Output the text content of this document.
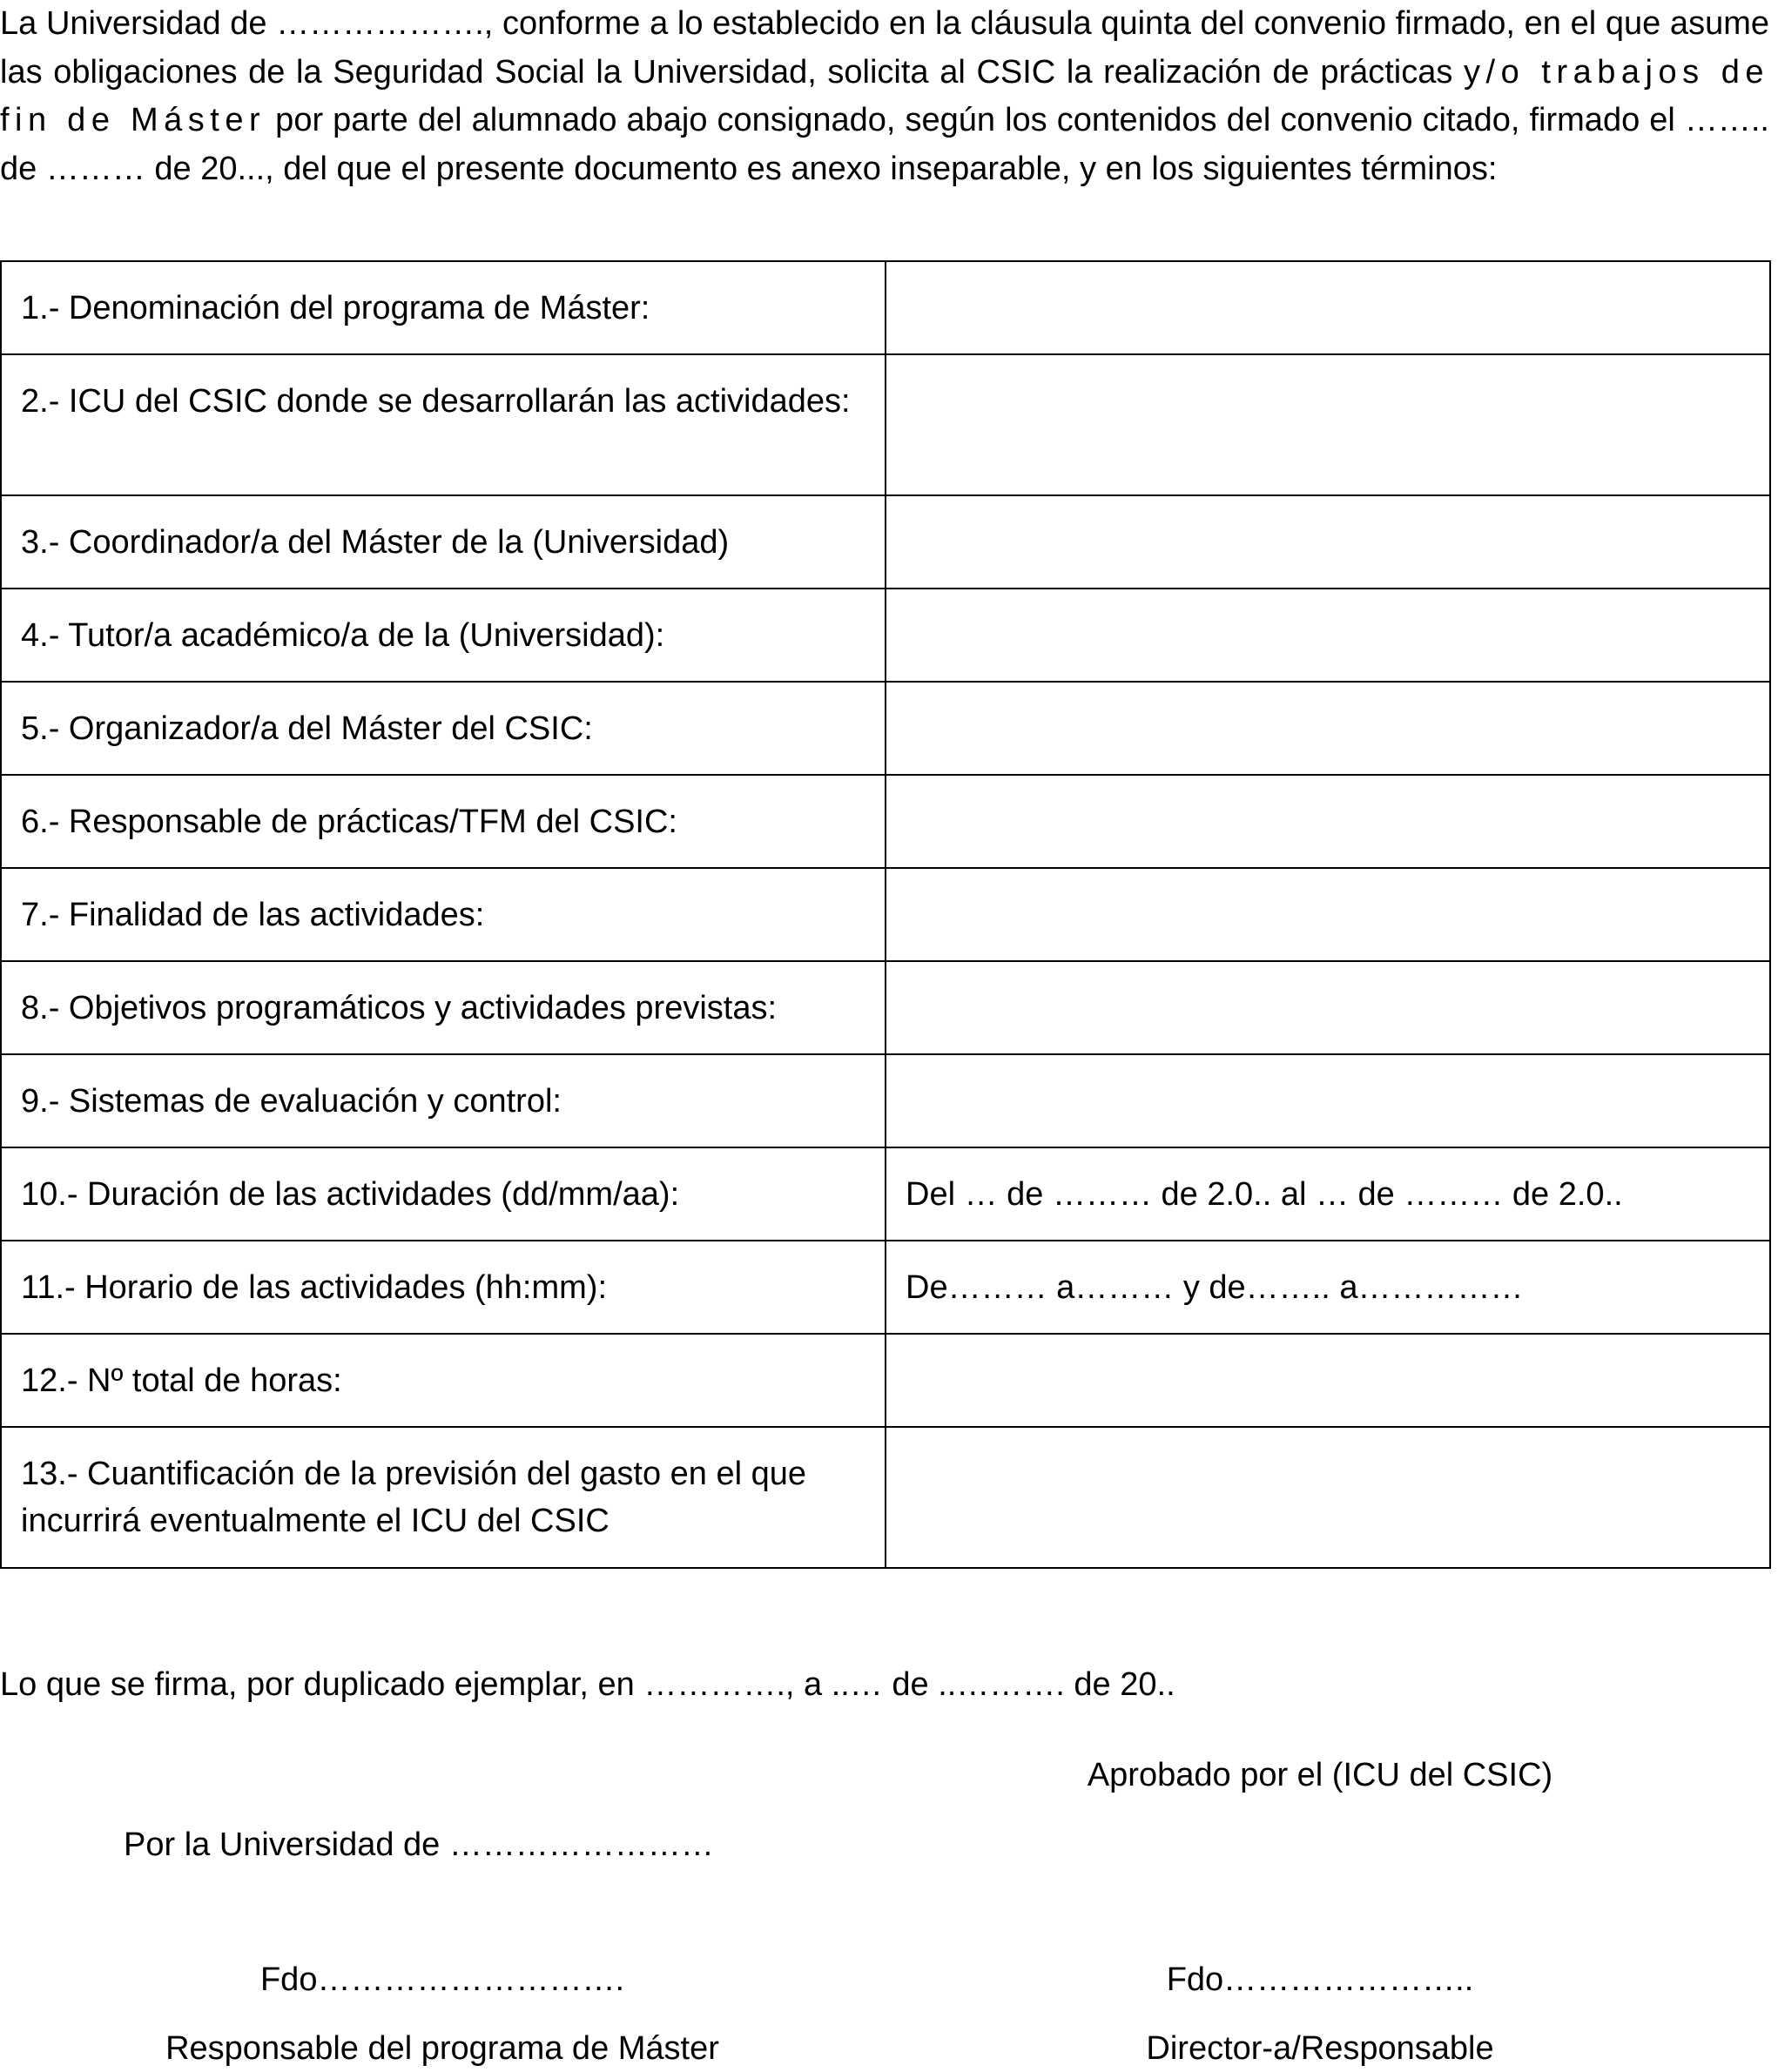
La Universidad de ………………., conforme a lo establecido en la cláusula quinta del convenio firmado, en el que asume las obligaciones de la Seguridad Social la Universidad, solicita al CSIC la realización de prácticas y/o trabajos de fin de Máster por parte del alumnado abajo consignado, según los contenidos del convenio citado, firmado el …….. de ……… de 20..., del que el presente documento es anexo inseparable, y en los siguientes términos:

1.- Denominación del programa de Máster:	

2.- ICU del CSIC donde se desarrollarán las actividades:	

3.- Coordinador/a del Máster de la (Universidad)	
4.- Tutor/a académico/a de la (Universidad):	
5.- Organizador/a del Máster del CSIC:	
6.- Responsable de prácticas/TFM del CSIC:	
7.- Finalidad de las actividades:	
8.- Objetivos programáticos y actividades previstas:	
9.- Sistemas de evaluación y control:	
10.- Duración de las actividades (dd/mm/aa):	Del … de ……… de 2.0.. al … de ……… de 2.0..
11.- Horario de las actividades (hh:mm):	De……… a……… y de…….. a……………
12.- Nº total de horas:	
13.- Cuantificación de la previsión del gasto en el que incurrirá eventualmente el ICU del CSIC	
Lo que se firma, por duplicado ejemplar, en …………., a ..… de ..………. de 20..
Aprobado por el (ICU del CSIC)
Por la Universidad de ……………………
Fdo……………………….	Fdo…………………..
Responsable del programa de Máster	Director-a/Responsable
